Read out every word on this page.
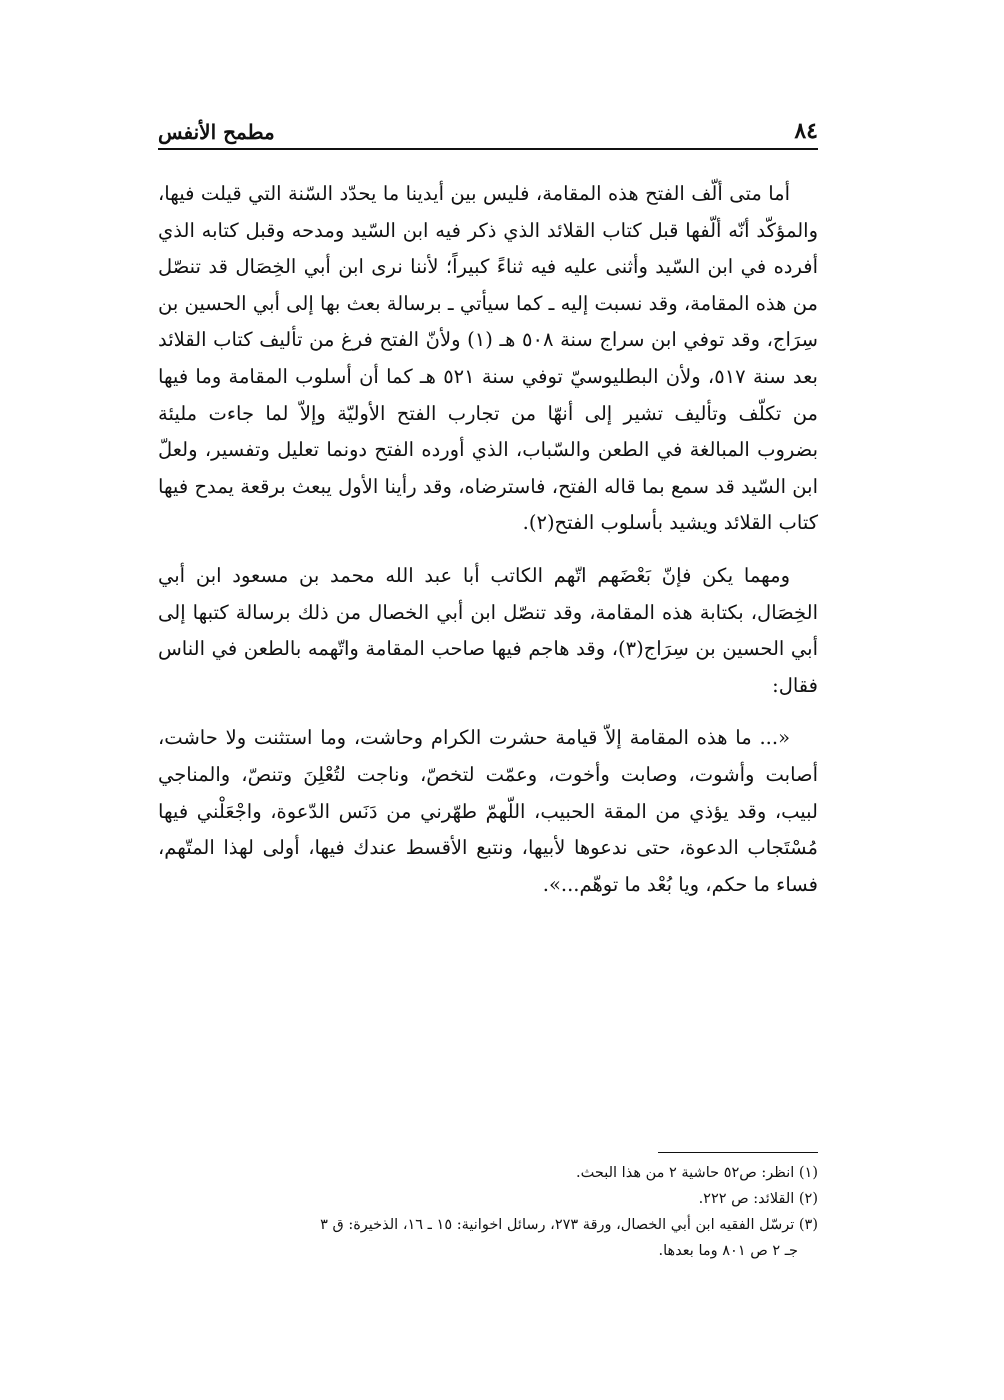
٨٤
مطمح الأنفس

أما متى ألّف الفتح هذه المقامة، فليس بين أيدينا ما يحدّد السّنة التي قيلت فيها، والمؤكّد أنّه ألّفها قبل كتاب القلائد الذي ذكر فيه ابن السّيد ومدحه وقبل كتابه الذي أفرده في ابن السّيد وأثنى عليه فيه ثناءً كبيراً؛ لأننا نرى ابن أبي الخِصَال قد تنصّل من هذه المقامة، وقد نسبت إليه ـ كما سيأتي ـ برسالة بعث بها إلى أبي الحسين بن سِرَاج، وقد توفي ابن سراج سنة ٥٠٨ هـ (١) ولأنّ الفتح فرغ من تأليف كتاب القلائد بعد سنة ٥١٧، ولأن البطليوسيّ توفي سنة ٥٢١ هـ كما أن أسلوب المقامة وما فيها من تكلّف وتأليف تشير إلى أنهّا من تجارب الفتح الأوليّة وإلاّ لما جاءت مليئة بضروب المبالغة في الطعن والسّباب، الذي أورده الفتح دونما تعليل وتفسير، ولعلّ ابن السّيد قد سمع بما قاله الفتح، فاسترضاه، وقد رأينا الأول يبعث برقعة يمدح فيها كتاب القلائد ويشيد بأسلوب الفتح(٢).

ومهما يكن فإنّ بَعْضَهم اتّهم الكاتب أبا عبد الله محمد بن مسعود ابن أبي الخِصَال، بكتابة هذه المقامة، وقد تنصّل ابن أبي الخصال من ذلك برسالة كتبها إلى أبي الحسين بن سِرَاج(٣)، وقد هاجم فيها صاحب المقامة واتّهمه بالطعن في الناس فقال:

«... ما هذه المقامة إلاّ قيامة حشرت الكرام وحاشت، وما استثنت ولا حاشت، أصابت وأشوت، وصابت وأخوت، وعمّت لتخصّ، وناجت لتُعْلِنَ وتنصّ، والمناجي لبيب، وقد يؤذي من المقة الحبيب، اللّهمّ طهّرني من دَنَس الدّعوة، واجْعَلْني فيها مُسْتَجاب الدعوة، حتى ندعوها لأبيها، ونتبع الأقسط عندك فيها، أولى لهذا المتّهم، فساء ما حكم، ويا بُعْد ما توهّم...».

(١) انظر: ص٥٢ حاشية ٢ من هذا البحث.
(٢) القلائد: ص ٢٢٢.
(٣) ترسّل الفقيه ابن أبي الخصال، ورقة ٢٧٣، رسائل اخوانية: ١٥ ـ ١٦، الذخيرة: ق ٣
جـ ٢ ص ٨٠١ وما بعدها.
